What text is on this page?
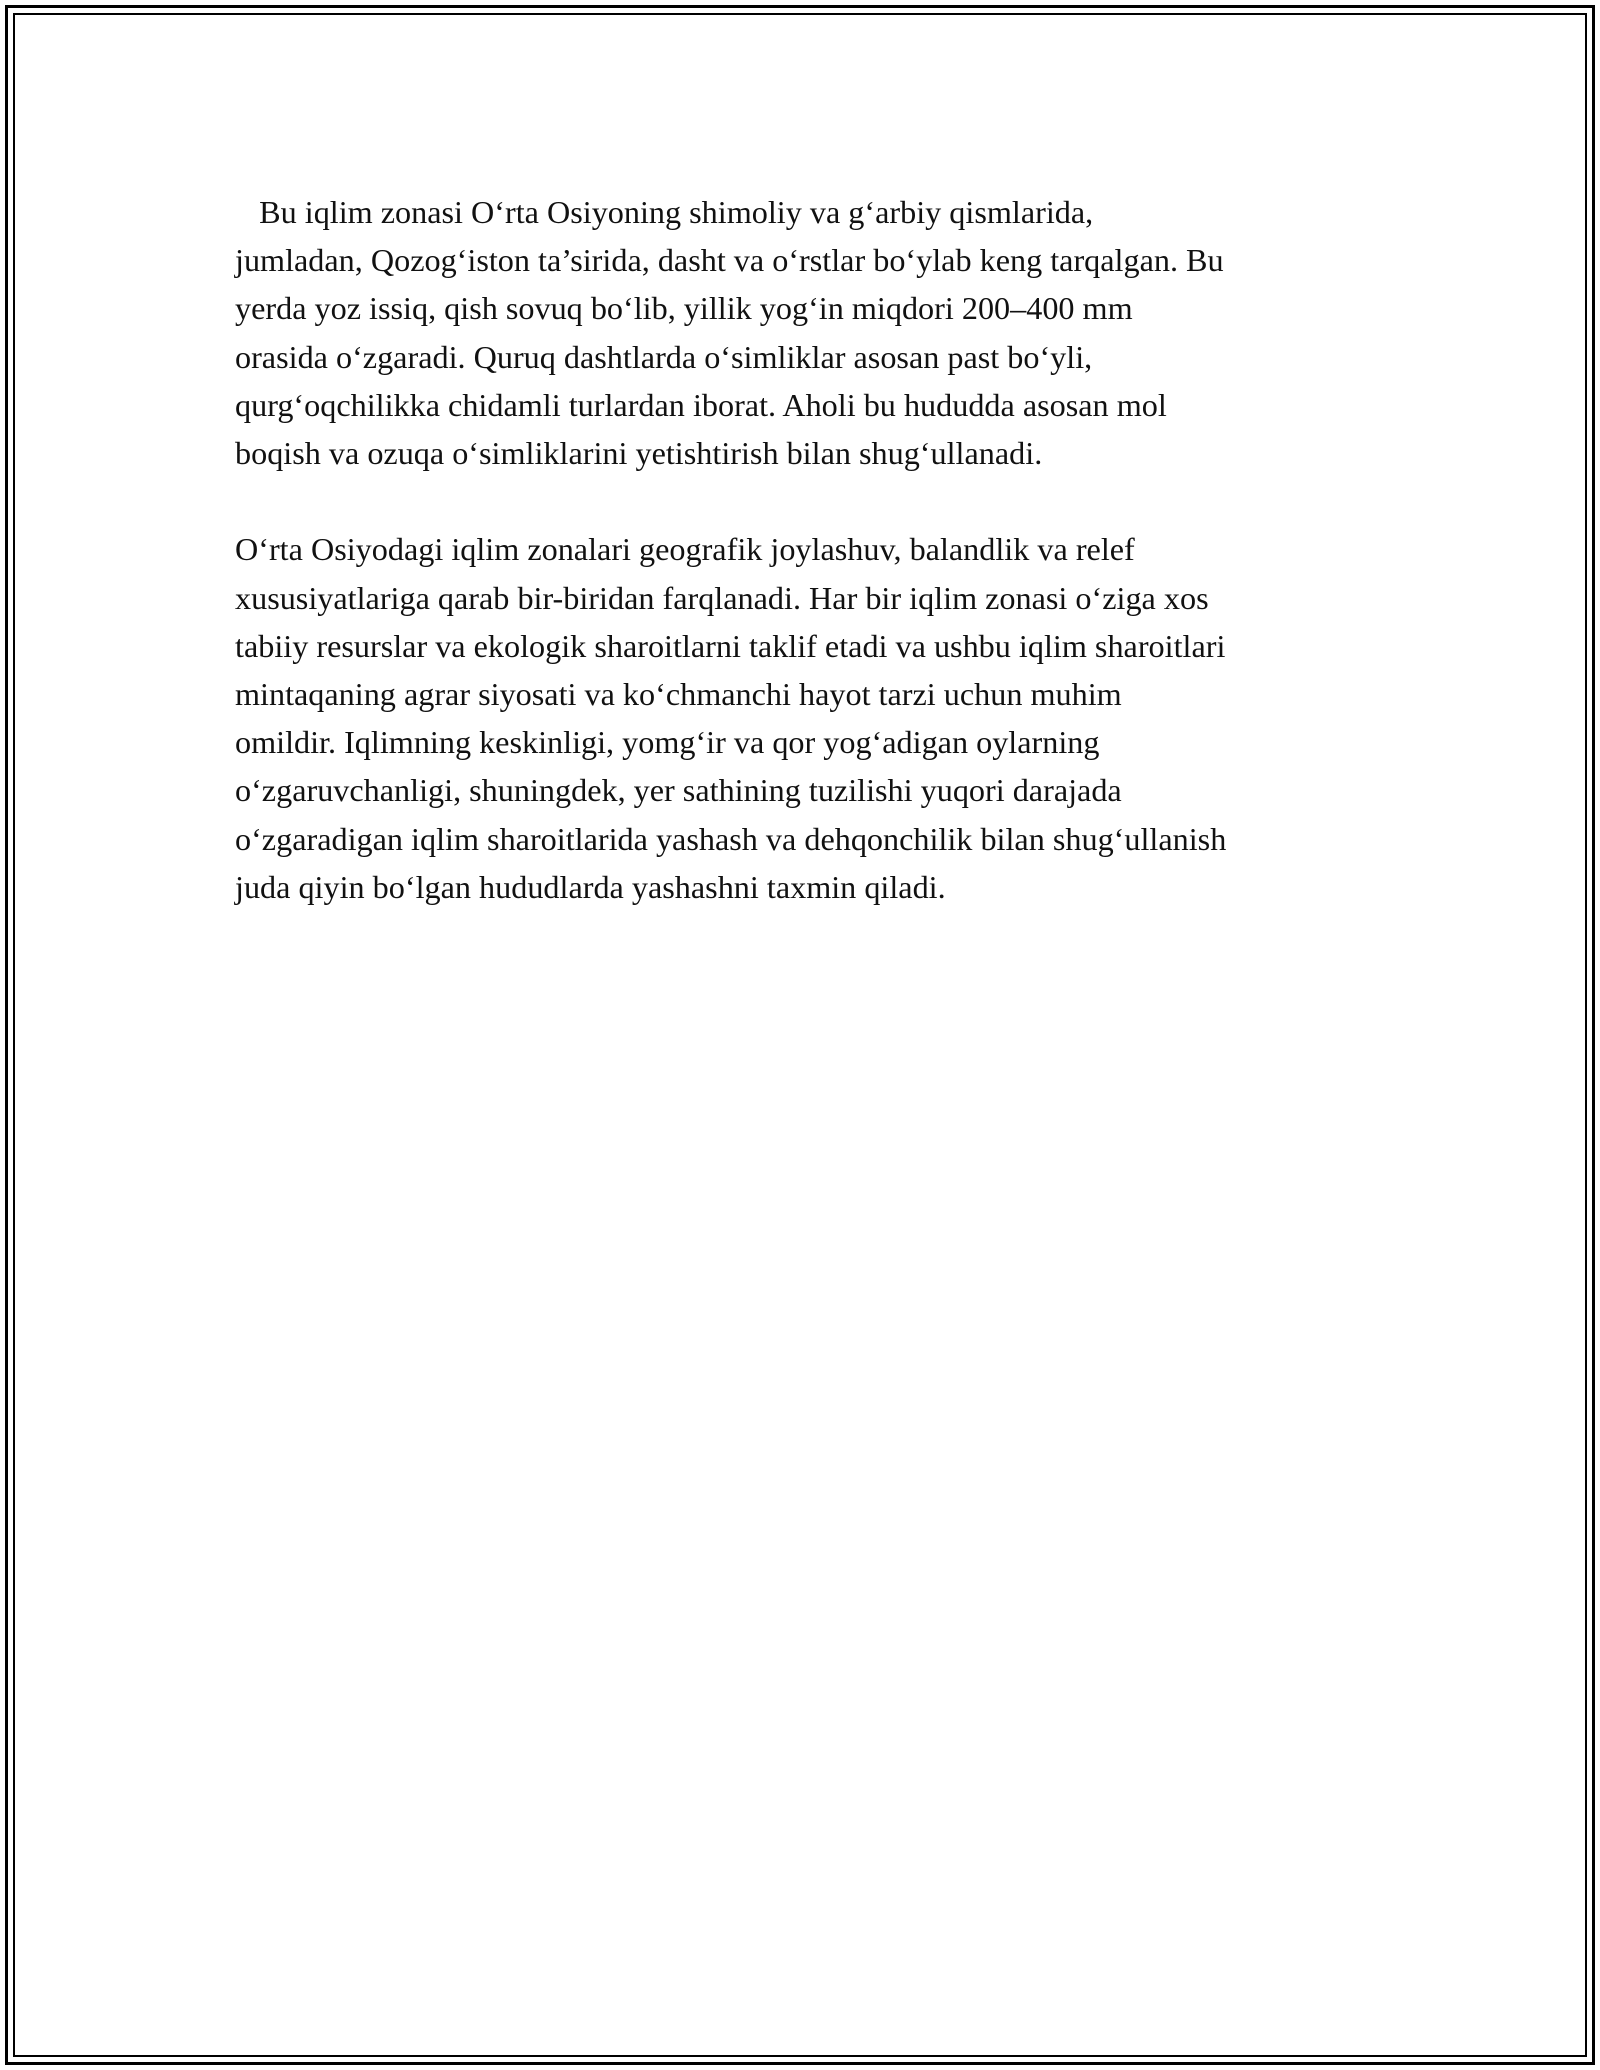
Bu iqlim zonasi O‘rta Osiyoning shimoliy va g‘arbiy qismlarida,
jumladan, Qozog‘iston ta’sirida, dasht va o‘rstlar bo‘ylab keng tarqalgan. Bu
yerda yoz issiq, qish sovuq bo‘lib, yillik yog‘in miqdori 200–400 mm
orasida o‘zgaradi. Quruq dashtlarda o‘simliklar asosan past bo‘yli,
qurg‘oqchilikka chidamli turlardan iborat. Aholi bu hududda asosan mol
boqish va ozuqa o‘simliklarini yetishtirish bilan shug‘ullanadi.

O‘rta Osiyodagi iqlim zonalari geografik joylashuv, balandlik va relef
xususiyatlariga qarab bir-biridan farqlanadi. Har bir iqlim zonasi o‘ziga xos
tabiiy resurslar va ekologik sharoitlarni taklif etadi va ushbu iqlim sharoitlari
mintaqaning agrar siyosati va ko‘chmanchi hayot tarzi uchun muhim
omildir. Iqlimning keskinligi, yomg‘ir va qor yog‘adigan oylarning
o‘zgaruvchanligi, shuningdek, yer sathining tuzilishi yuqori darajada
o‘zgaradigan iqlim sharoitlarida yashash va dehqonchilik bilan shug‘ullanish
juda qiyin bo‘lgan hududlarda yashashni taxmin qiladi.
